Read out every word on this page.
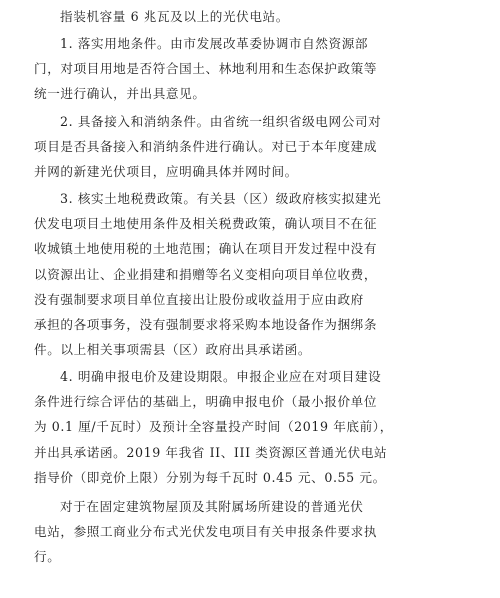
指装机容量 6 兆瓦及以上的光伏电站。
1. 落实用地条件。由市发展改革委协调市自然资源部
门，对项目用地是否符合国土、林地利用和生态保护政策等
统一进行确认，并出具意见。
2. 具备接入和消纳条件。由省统一组织省级电网公司对
项目是否具备接入和消纳条件进行确认。对已于本年度建成
并网的新建光伏项目，应明确具体并网时间。
3. 核实土地税费政策。有关县（区）级政府核实拟建光
伏发电项目土地使用条件及相关税费政策，确认项目不在征
收城镇土地使用税的土地范围；确认在项目开发过程中没有
以资源出让、企业捐建和捐赠等名义变相向项目单位收费，
没有强制要求项目单位直接出让股份或收益用于应由政府
承担的各项事务，没有强制要求将采购本地设备作为捆绑条
件。以上相关事项需县（区）政府出具承诺函。
4. 明确申报电价及建设期限。申报企业应在对项目建设
条件进行综合评估的基础上，明确申报电价（最小报价单位
为 0.1 厘/千瓦时）及预计全容量投产时间（2019 年底前），
并出具承诺函。2019 年我省 II、III 类资源区普通光伏电站
指导价（即竞价上限）分别为每千瓦时 0.45 元、0.55 元。
对于在固定建筑物屋顶及其附属场所建设的普通光伏
电站，参照工商业分布式光伏发电项目有关申报条件要求执
行。
